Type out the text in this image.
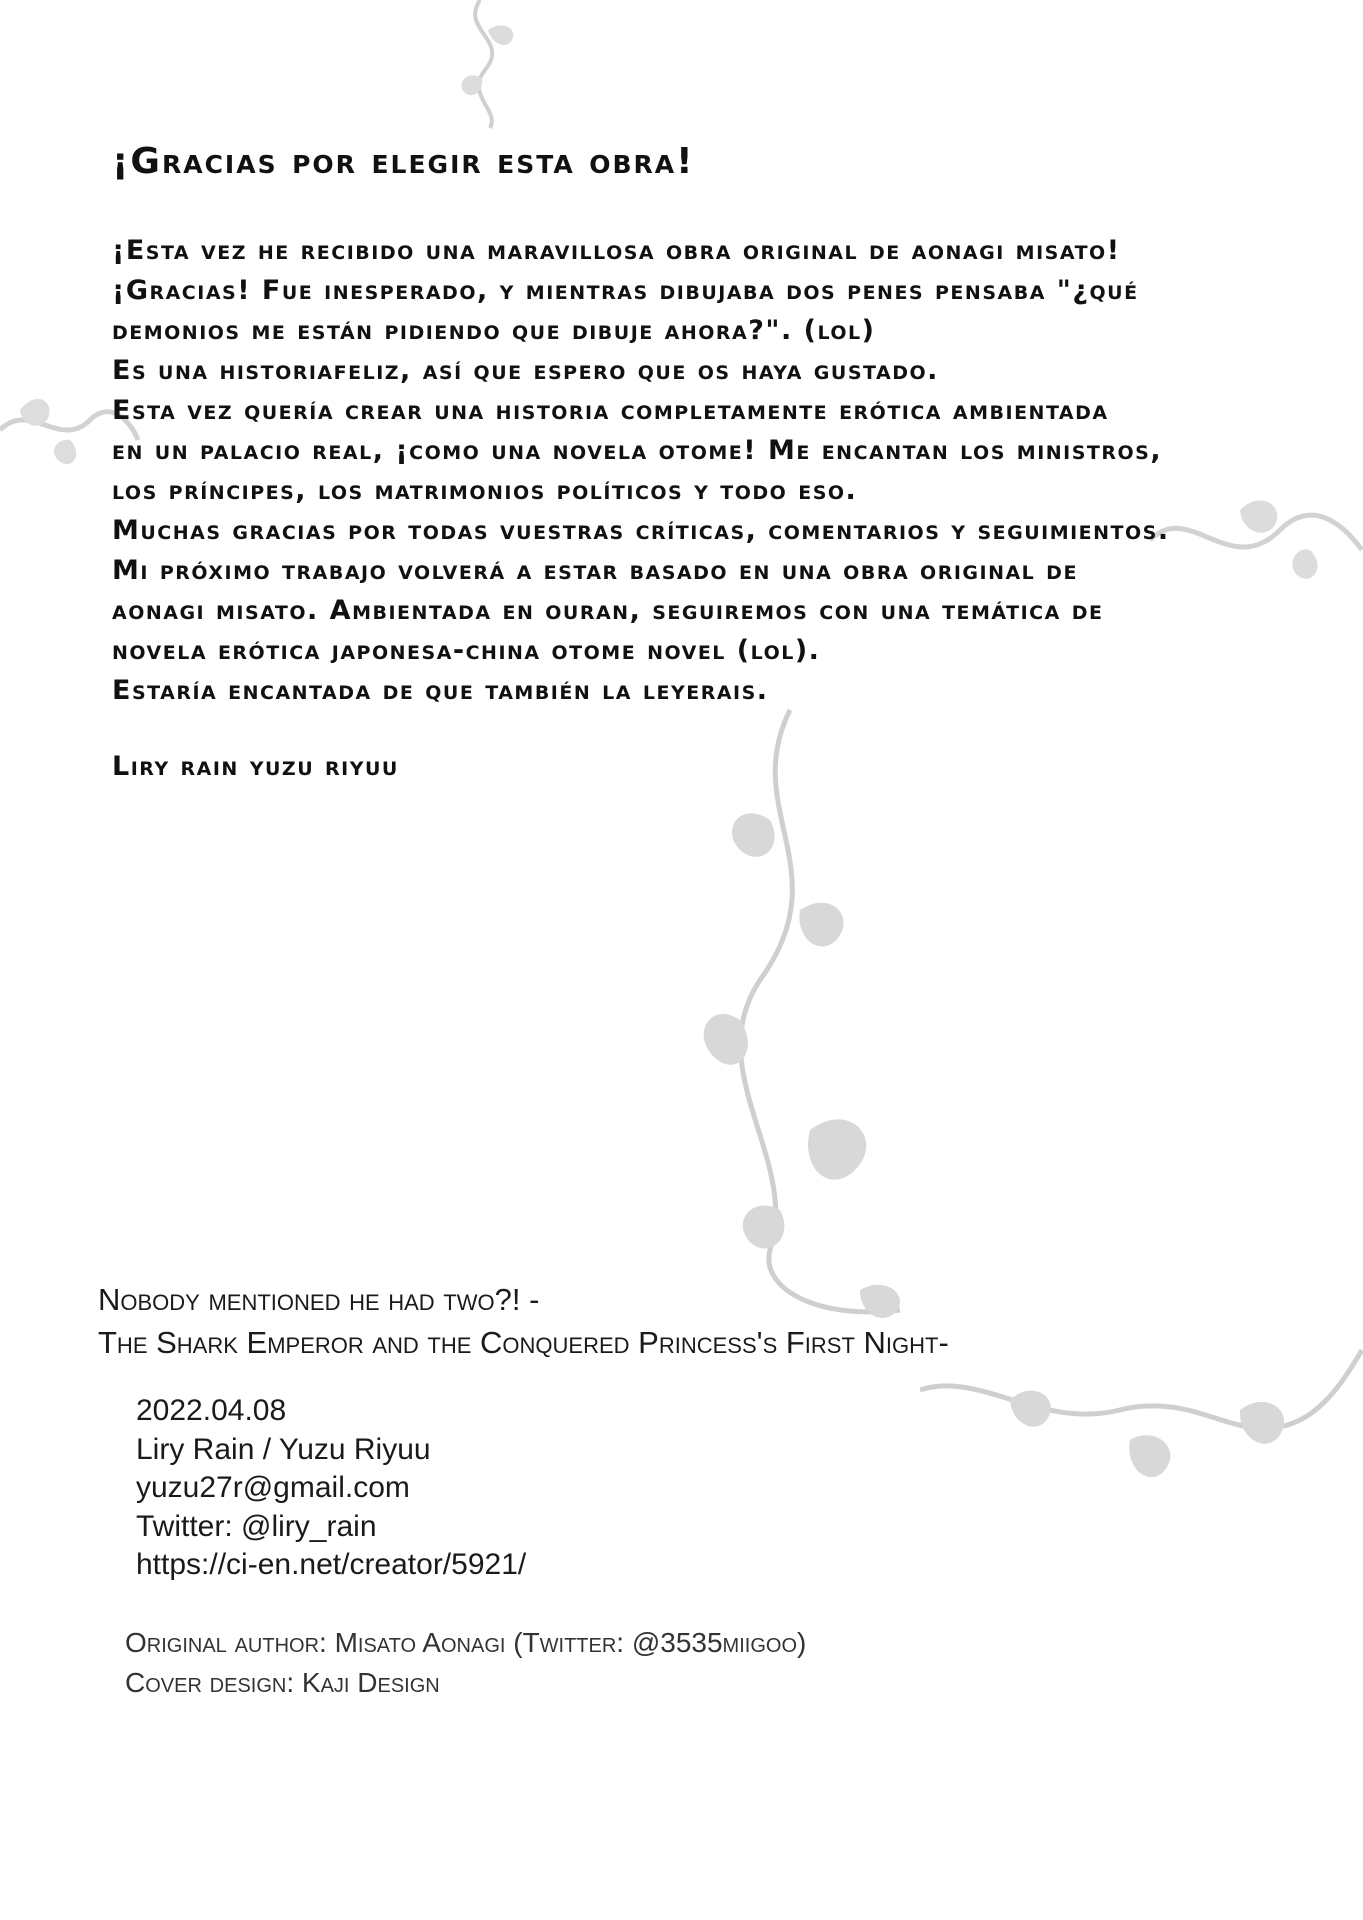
¡Gracias por elegir esta obra!
¡Esta vez he recibido una maravillosa obra original de aonagi misato!
¡Gracias! Fue inesperado, y mientras dibujaba dos penes pensaba "¿qué
demonios me están pidiendo que dibuje ahora?". (lol)
Es una historiafeliz, así que espero que os haya gustado.
Esta vez quería crear una historia completamente erótica ambientada
en un palacio real, ¡como una novela otome! Me encantan los ministros,
los príncipes, los matrimonios políticos y todo eso.
Muchas gracias por todas vuestras críticas, comentarios y seguimientos.
Mi próximo trabajo volverá a estar basado en una obra original de
aonagi misato. Ambientada en ouran, seguiremos con una temática de
novela erótica japonesa-china otome novel (lol).
Estaría encantada de que también la leyerais.
Liry rain yuzu riyuu
Nobody mentioned he had two?! -
The Shark Emperor and the Conquered Princess's First Night-
2022.04.08
Liry Rain / Yuzu Riyuu
yuzu27r@gmail.com
Twitter: @liry_rain
https://ci-en.net/creator/5921/
Original author: Misato Aonagi (Twitter: @3535miigoo)
Cover design: Kaji Design
